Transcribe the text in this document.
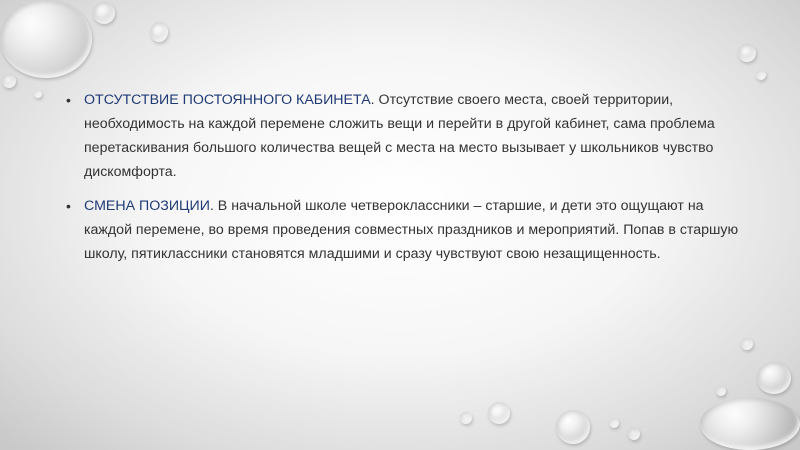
• ОТСУТСТВИЕ ПОСТОЯННОГО КАБИНЕТА. Отсутствие своего места, своей территории, необходимость на каждой перемене сложить вещи и перейти в другой кабинет, сама проблема перетаскивания большого количества вещей с места на место вызывает у школьников чувство дискомфорта.
• СМЕНА ПОЗИЦИИ. В начальной школе четвероклассники – старшие, и дети это ощущают на каждой перемене, во время проведения совместных праздников и мероприятий. Попав в старшую школу, пятиклассники становятся младшими и сразу чувствуют свою незащищенность.
